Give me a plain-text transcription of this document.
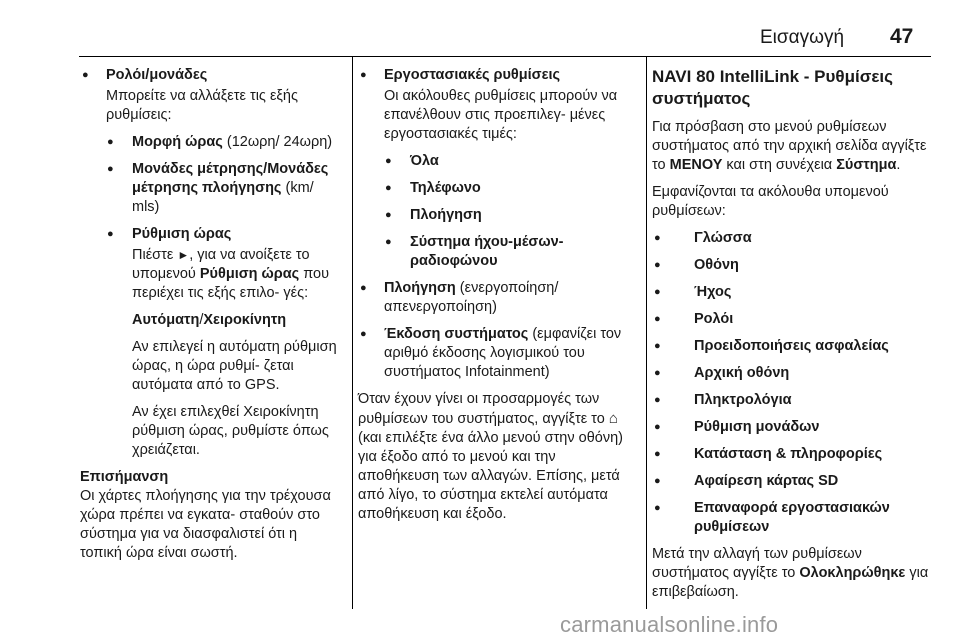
Εισαγωγή 47
● Ρολόι/μονάδες
Μπορείτε να αλλάξετε τις εξής ρυθμίσεις:
● Μορφή ώρας (12ωρη/ 24ωρη)
● Μονάδες μέτρησης/Μονάδες μέτρησης πλοήγησης (km/ mls)
● Ρύθμιση ώρας
Πιέστε ►, για να ανοίξετε το υπομενού Ρύθμιση ώρας που περιέχει τις εξής επιλο- γές:
Αυτόματη/Χειροκίνητη
Αν επιλεγεί η αυτόματη ρύθμιση ώρας, η ώρα ρυθμί- ζεται αυτόματα από το GPS.
Αν έχει επιλεχθεί Χειροκίνητη ρύθμιση ώρας, ρυθμίστε όπως χρειάζεται.
Επισήμανση
Οι χάρτες πλοήγησης για την τρέχουσα χώρα πρέπει να εγκατα- σταθούν στο σύστημα για να διασφαλιστεί ότι η τοπική ώρα είναι σωστή.
● Εργοστασιακές ρυθμίσεις
Οι ακόλουθες ρυθμίσεις μπορούν να επανέλθουν στις προεπιλεγ- μένες εργοστασιακές τιμές:
● Όλα
● Τηλέφωνο
● Πλοήγηση
● Σύστημα ήχου-μέσων- ραδιοφώνου
● Πλοήγηση (ενεργοποίηση/ απενεργοποίηση)
● Έκδοση συστήματος (εμφανίζει τον αριθμό έκδοσης λογισμικού του συστήματος Infotainment)

Όταν έχουν γίνει οι προσαρμογές των ρυθμίσεων του συστήματος, αγγίξτε το ⌂ (και επιλέξτε ένα άλλο μενού στην οθόνη) για έξοδο από το μενού και την αποθήκευση των αλλαγών. Επίσης, μετά από λίγο, το σύστημα εκτελεί αυτόματα αποθήκευση και έξοδο.

NAVI 80 IntelliLink - Ρυθμίσεις συστήματος

Για πρόσβαση στο μενού ρυθμίσεων συστήματος από την αρχική σελίδα αγγίξτε το ΜΕΝΟΥ και στη συνέχεια Σύστημα.

Εμφανίζονται τα ακόλουθα υπομενού ρυθμίσεων:

● Γλώσσα
● Οθόνη
● Ήχος
● Ρολόι
● Προειδοποιήσεις ασφαλείας
● Αρχική οθόνη
● Πληκτρολόγια
● Ρύθμιση μονάδων
● Κατάσταση & πληροφορίες
● Αφαίρεση κάρτας SD
● Επαναφορά εργοστασιακών ρυθμίσεων

Μετά την αλλαγή των ρυθμίσεων συστήματος αγγίξτε το Ολοκληρώθηκε για επιβεβαίωση.

carmanualsonline.info
